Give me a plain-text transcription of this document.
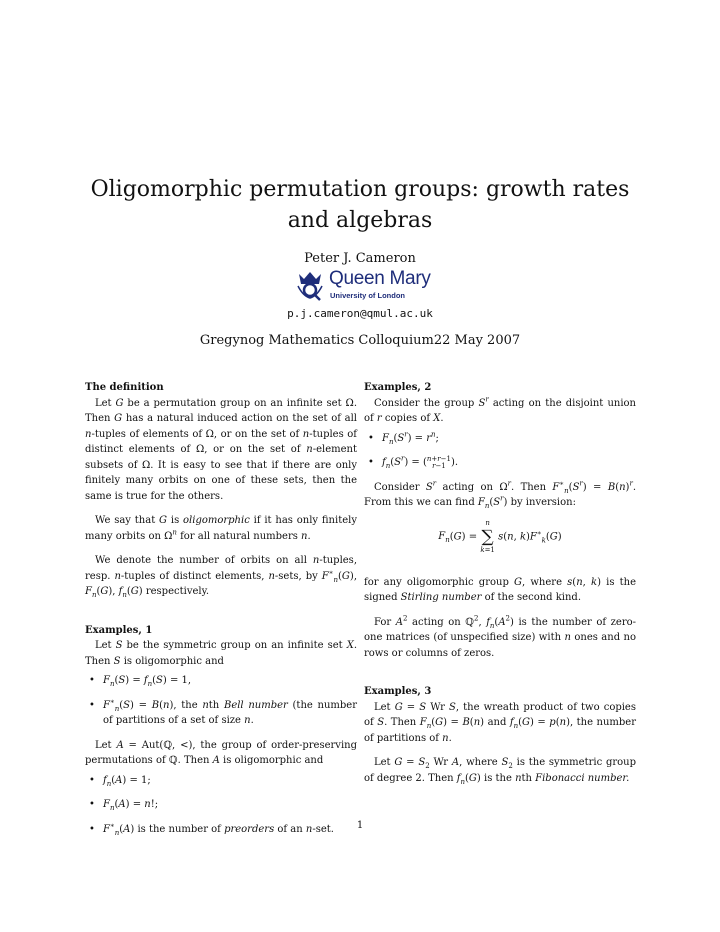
Oligomorphic permutation groups: growth rates and algebras
Peter J. Cameron
Queen Mary
University of London
p.j.cameron@qmul.ac.uk
Gregynog Mathematics Colloquium22 May 2007
The definition

Let G be a permutation group on an infinite set Ω. Then G has a natural induced action on the set of all n-tuples of elements of Ω, or on the set of n-tuples of distinct elements of Ω, or on the set of n-element subsets of Ω. It is easy to see that if there are only finitely many orbits on one of these sets, then the same is true for the others.

We say that G is oligomorphic if it has only finitely many orbits on $\Omega^n$ for all natural numbers n.

We denote the number of orbits on all n-tuples, resp. n-tuples of distinct elements, n-sets, by $F^∗_n(G)$, $F_n(G)$, $f_n(G)$ respectively.

Examples, 1

Let S be the symmetric group on an infinite set X. Then S is oligomorphic and

• $F_n(S) = f_n(S) = 1$,
• $F^∗_n(S) = B(n)$, the nth Bell number (the number of partitions of a set of size n.

Let A = Aut(ℚ, <), the group of order-preserving permutations of ℚ. Then A is oligomorphic and

• $f_n(A) = 1$;
• $F_n(A) = n$!;
• $F^∗_n(A)$ is the number of preorders of an n-set.
Examples, 2

Consider the group $S^r$ acting on the disjoint union of r copies of X.

• $F_n(S^r) = r^n$;
• $f_n(S^r) = (n+r-1$
r−1 ).

Consider $S^r$ acting on $\Omega^r$. Then $F^∗_n(S^r) = B(n)^r$. From this we can find $F_n(S^r)$ by inversion:

$F_n(G)$ =
n
∑
k=1
s(n, $k)F^∗_k(G)$

for any oligomorphic group G, where s(n, k) is the signed Stirling number of the second kind.

For $A^2$ acting on ℚ$^2$, $f_n(A^2)$ is the number of zero-one matrices (of unspecified size) with n ones and no rows or columns of zeros.

Examples, 3

Let G = S Wr S, the wreath product of two copies of S. Then $F_n(G) = B(n)$ and $f_n(G) = p(n)$, the number of partitions of n.

Let $G = S_2$ Wr A, where $S_2$ is the symmetric group of degree 2. Then $f_n(G)$ is the nth Fibonacci number.

1
